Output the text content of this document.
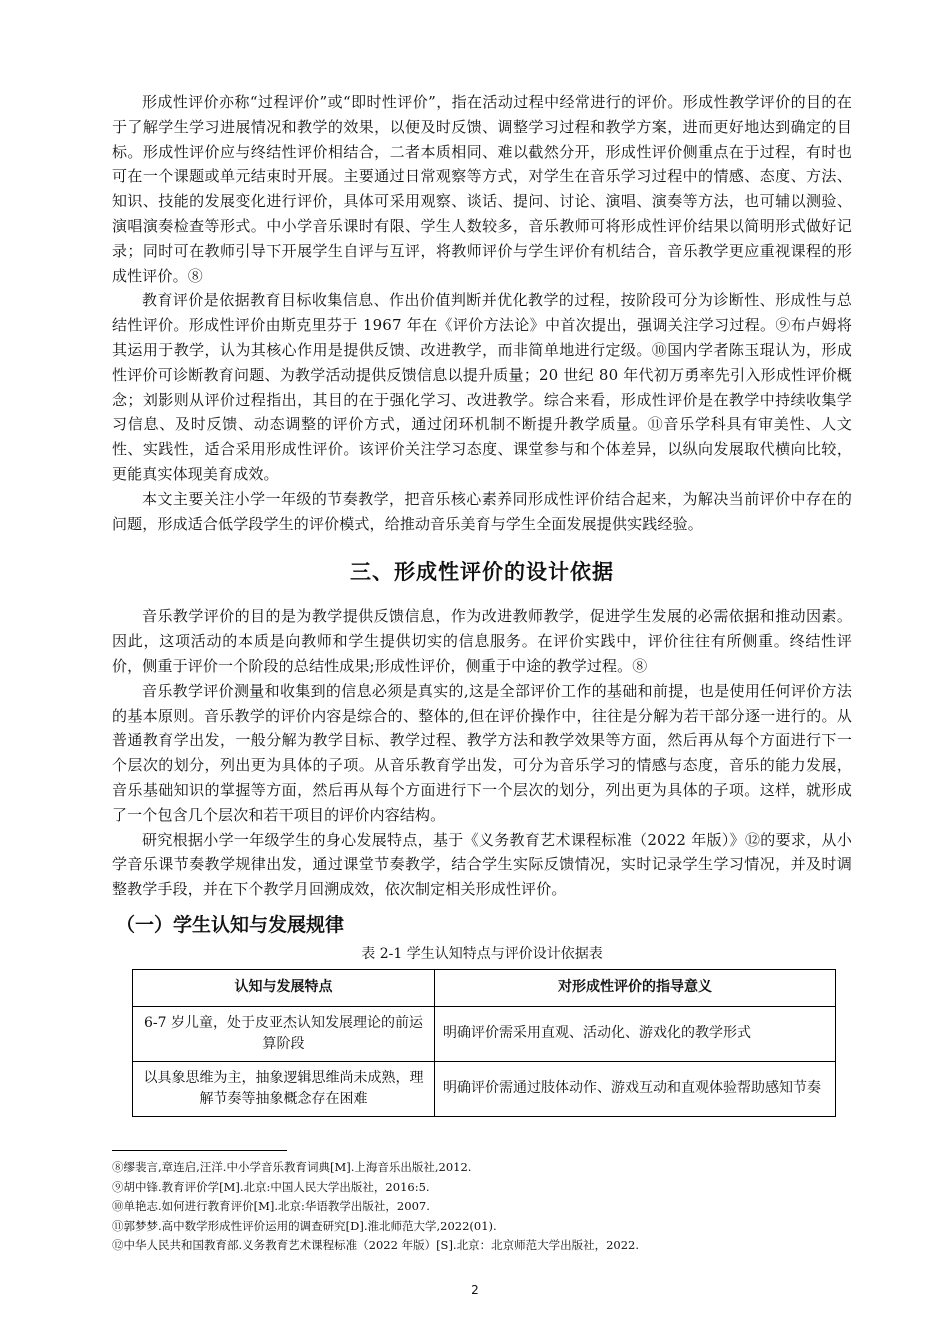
形成性评价亦称“过程评价”或“即时性评价”，指在活动过程中经常进行的评价。形成性教学评价的目的在于了解学生学习进展情况和教学的效果，以便及时反馈、调整学习过程和教学方案，进而更好地达到确定的目标。形成性评价应与终结性评价相结合，二者本质相同、难以截然分开，形成性评价侧重点在于过程，有时也可在一个课题或单元结束时开展。主要通过日常观察等方式，对学生在音乐学习过程中的情感、态度、方法、知识、技能的发展变化进行评价，具体可采用观察、谈话、提问、讨论、演唱、演奏等方法，也可辅以测验、演唱演奏检查等形式。中小学音乐课时有限、学生人数较多，音乐教师可将形成性评价结果以简明形式做好记录；同时可在教师引导下开展学生自评与互评，将教师评价与学生评价有机结合，音乐教学更应重视课程的形成性评价。⑧

教育评价是依据教育目标收集信息、作出价值判断并优化教学的过程，按阶段可分为诊断性、形成性与总结性评价。形成性评价由斯克里芬于 1967 年在《评价方法论》中首次提出，强调关注学习过程。⑨布卢姆将其运用于教学，认为其核心作用是提供反馈、改进教学，而非简单地进行定级。⑩国内学者陈玉琨认为，形成性评价可诊断教育问题、为教学活动提供反馈信息以提升质量；20 世纪 80 年代初万勇率先引入形成性评价概念；刘影则从评价过程指出，其目的在于强化学习、改进教学。综合来看，形成性评价是在教学中持续收集学习信息、及时反馈、动态调整的评价方式，通过闭环机制不断提升教学质量。⑪音乐学科具有审美性、人文性、实践性，适合采用形成性评价。该评价关注学习态度、课堂参与和个体差异，以纵向发展取代横向比较，更能真实体现美育成效。

本文主要关注小学一年级的节奏教学，把音乐核心素养同形成性评价结合起来，为解决当前评价中存在的问题，形成适合低学段学生的评价模式，给推动音乐美育与学生全面发展提供实践经验。

三、形成性评价的设计依据

音乐教学评价的目的是为教学提供反馈信息，作为改进教师教学，促进学生发展的必需依据和推动因素。因此，这项活动的本质是向教师和学生提供切实的信息服务。在评价实践中，评价往往有所侧重。终结性评价，侧重于评价一个阶段的总结性成果;形成性评价，侧重于中途的教学过程。⑧

音乐教学评价测量和收集到的信息必须是真实的,这是全部评价工作的基础和前提，也是使用任何评价方法的基本原则。音乐教学的评价内容是综合的、整体的,但在评价操作中，往往是分解为若干部分逐一进行的。从普通教育学出发，一般分解为教学目标、教学过程、教学方法和教学效果等方面，然后再从每个方面进行下一个层次的划分，列出更为具体的子项。从音乐教育学出发，可分为音乐学习的情感与态度，音乐的能力发展，音乐基础知识的掌握等方面，然后再从每个方面进行下一个层次的划分，列出更为具体的子项。这样，就形成了一个包含几个层次和若干项目的评价内容结构。

研究根据小学一年级学生的身心发展特点，基于《义务教育艺术课程标准（2022 年版）》⑫的要求，从小学音乐课节奏教学规律出发，通过课堂节奏教学，结合学生实际反馈情况，实时记录学生学习情况，并及时调整教学手段，并在下个教学月回溯成效，依次制定相关形成性评价。

（一）学生认知与发展规律
表 2-1 学生认知特点与评价设计依据表
认知与发展特点	对形成性评价的指导意义
6-7 岁儿童，处于皮亚杰认知发展理论的前运算阶段	明确评价需采用直观、活动化、游戏化的教学形式
以具象思维为主，抽象逻辑思维尚未成熟，理解节奏等抽象概念存在困难	明确评价需通过肢体动作、游戏互动和直观体验帮助感知节奏
⑧缪裴言,章连启,汪洋.中小学音乐教育词典[M].上海音乐出版社,2012.
⑨胡中锋.教育评价学[M].北京:中国人民大学出版社，2016:5.
⑩单艳志.如何进行教育评价[M].北京:华语教学出版社，2007.
⑪郭梦梦.高中数学形成性评价运用的调查研究[D].淮北师范大学,2022(01).
⑫中华人民共和国教育部.义务教育艺术课程标准（2022 年版）[S].北京：北京师范大学出版社，2022.
2
